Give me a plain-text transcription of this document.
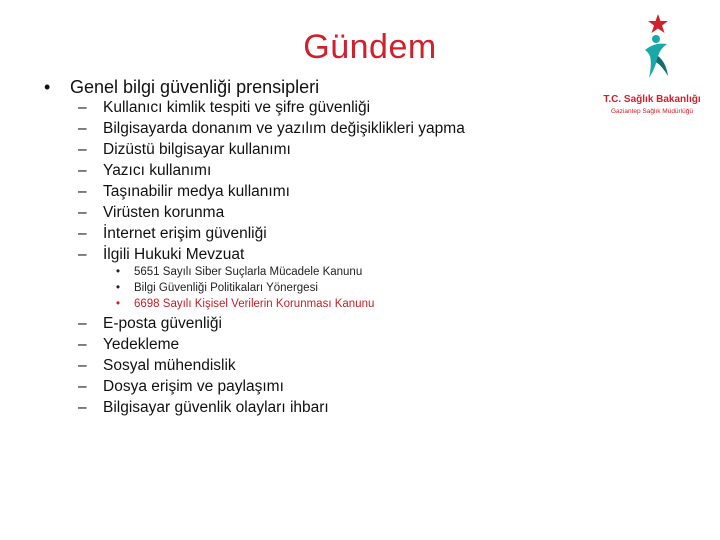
Gündem
T.C. Sağlık Bakanlığı
Gaziantep Sağlık Müdürlüğü
• Genel bilgi güvenliği prensipleri
– Kullanıcı kimlik tespiti ve şifre güvenliği
– Bilgisayarda donanım ve yazılım değişiklikleri yapma
– Dizüstü bilgisayar kullanımı
– Yazıcı kullanımı
– Taşınabilir medya kullanımı
– Virüsten korunma
– İnternet erişim güvenliği
– İlgili Hukuki Mevzuat
• 5651 Sayılı Siber Suçlarla Mücadele Kanunu
• Bilgi Güvenliği Politikaları Yönergesi
• 6698 Sayılı Kişisel Verilerin Korunması Kanunu
– E-posta güvenliği
– Yedekleme
– Sosyal mühendislik
– Dosya erişim ve paylaşımı
– Bilgisayar güvenlik olayları ihbarı
